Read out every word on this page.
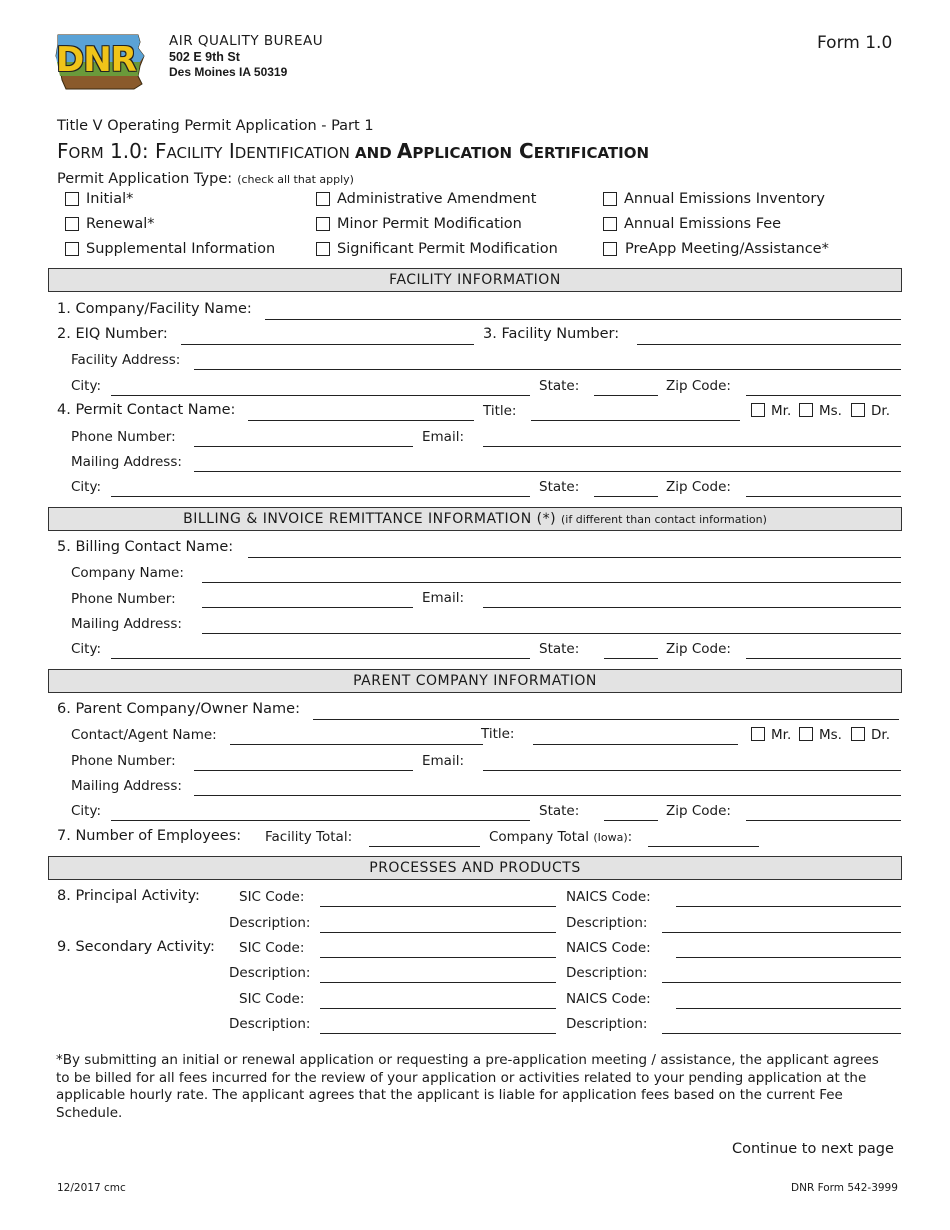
DNR AIR QUALITY BUREAU
502 E 9th St
Des Moines IA 50319
Form 1.0
Title V Operating Permit Application - Part 1
FORM 1.0: FACILITY IDENTIFICATION AND APPLICATION CERTIFICATION
Permit Application Type: (check all that apply)
Initial*
Renewal*
Supplemental Information
Administrative Amendment
Minor Permit Modification
Significant Permit Modification
Annual Emissions Inventory
Annual Emissions Fee
PreApp Meeting/Assistance*
FACILITY INFORMATION
1. Company/Facility Name:
2. EIQ Number:	3. Facility Number:
Facility Address:
City:	State:	Zip Code:
4. Permit Contact Name:	Title:	Mr. Ms. Dr.
Phone Number:	Email:
Mailing Address:
City:	State:	Zip Code:
BILLING & INVOICE REMITTANCE INFORMATION (*) (if different than contact information)
5. Billing Contact Name:
Company Name:
Phone Number:	Email:
Mailing Address:
City:	State:	Zip Code:
PARENT COMPANY INFORMATION
6. Parent Company/Owner Name:
Contact/Agent Name:	Title:	Mr. Ms. Dr.
Phone Number:	Email:
Mailing Address:
City:	State:	Zip Code:
7. Number of Employees: Facility Total:	Company Total (Iowa):
PROCESSES AND PRODUCTS
8. Principal Activity:	SIC Code:	NAICS Code:
Description:	Description:
9. Secondary Activity: SIC Code:	NAICS Code:
Description:	Description:
SIC Code:	NAICS Code:
Description:	Description:
*By submitting an initial or renewal application or requesting a pre-application meeting / assistance, the applicant agrees to be billed for all fees incurred for the review of your application or activities related to your pending application at the applicable hourly rate. The applicant agrees that the applicant is liable for application fees based on the current Fee Schedule.
Continue to next page
12/2017 cmc	DNR Form 542-3999
